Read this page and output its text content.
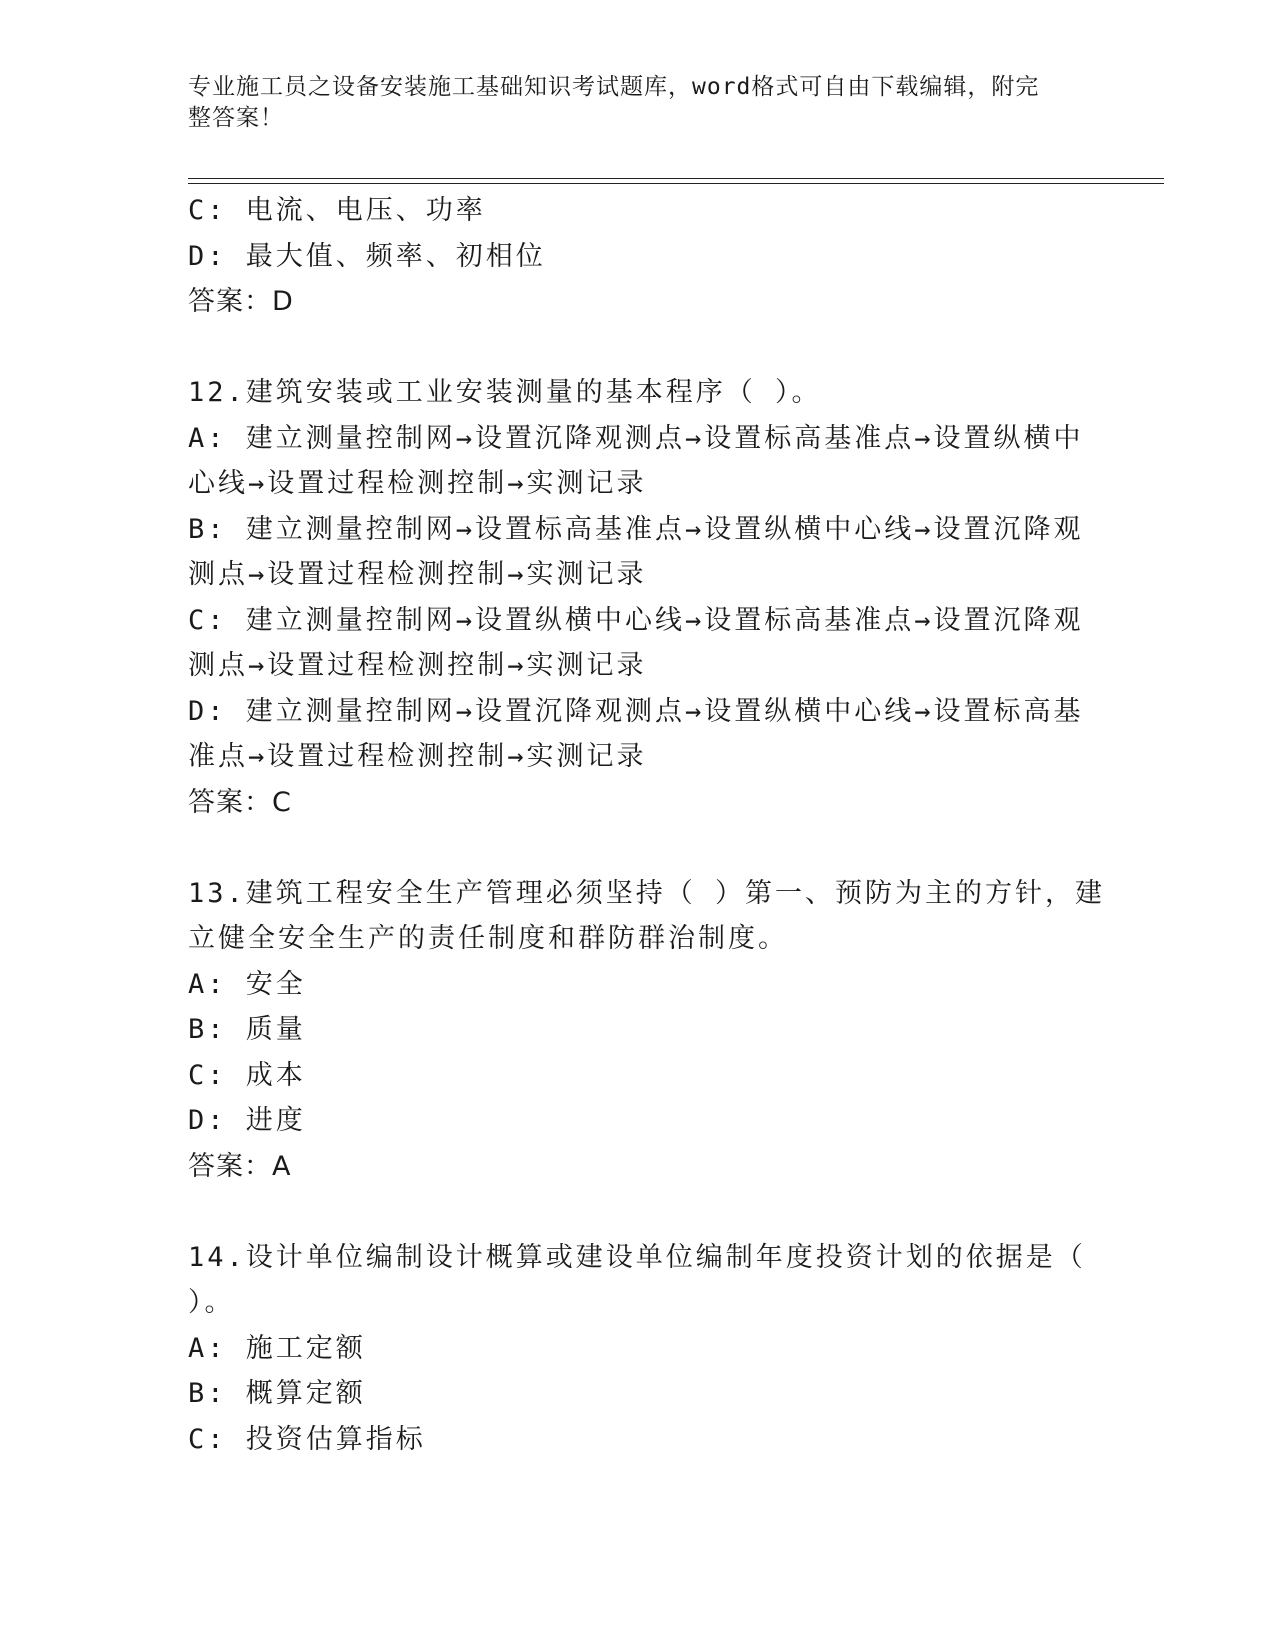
专业施工员之设备安装施工基础知识考试题库，word格式可自由下载编辑，附完
整答案！
C: 电流、电压、功率
D: 最大值、频率、初相位
答案：D
12.建筑安装或工业安装测量的基本程序（ ）。
A: 建立测量控制网→设置沉降观测点→设置标高基准点→设置纵横中
心线→设置过程检测控制→实测记录
B: 建立测量控制网→设置标高基准点→设置纵横中心线→设置沉降观
测点→设置过程检测控制→实测记录
C: 建立测量控制网→设置纵横中心线→设置标高基准点→设置沉降观
测点→设置过程检测控制→实测记录
D: 建立测量控制网→设置沉降观测点→设置纵横中心线→设置标高基
准点→设置过程检测控制→实测记录
答案：C
13.建筑工程安全生产管理必须坚持（ ）第一、预防为主的方针，建
立健全安全生产的责任制度和群防群治制度。
A: 安全
B: 质量
C: 成本
D: 进度
答案：A
14.设计单位编制设计概算或建设单位编制年度投资计划的依据是（
）。
A: 施工定额
B: 概算定额
C: 投资估算指标
